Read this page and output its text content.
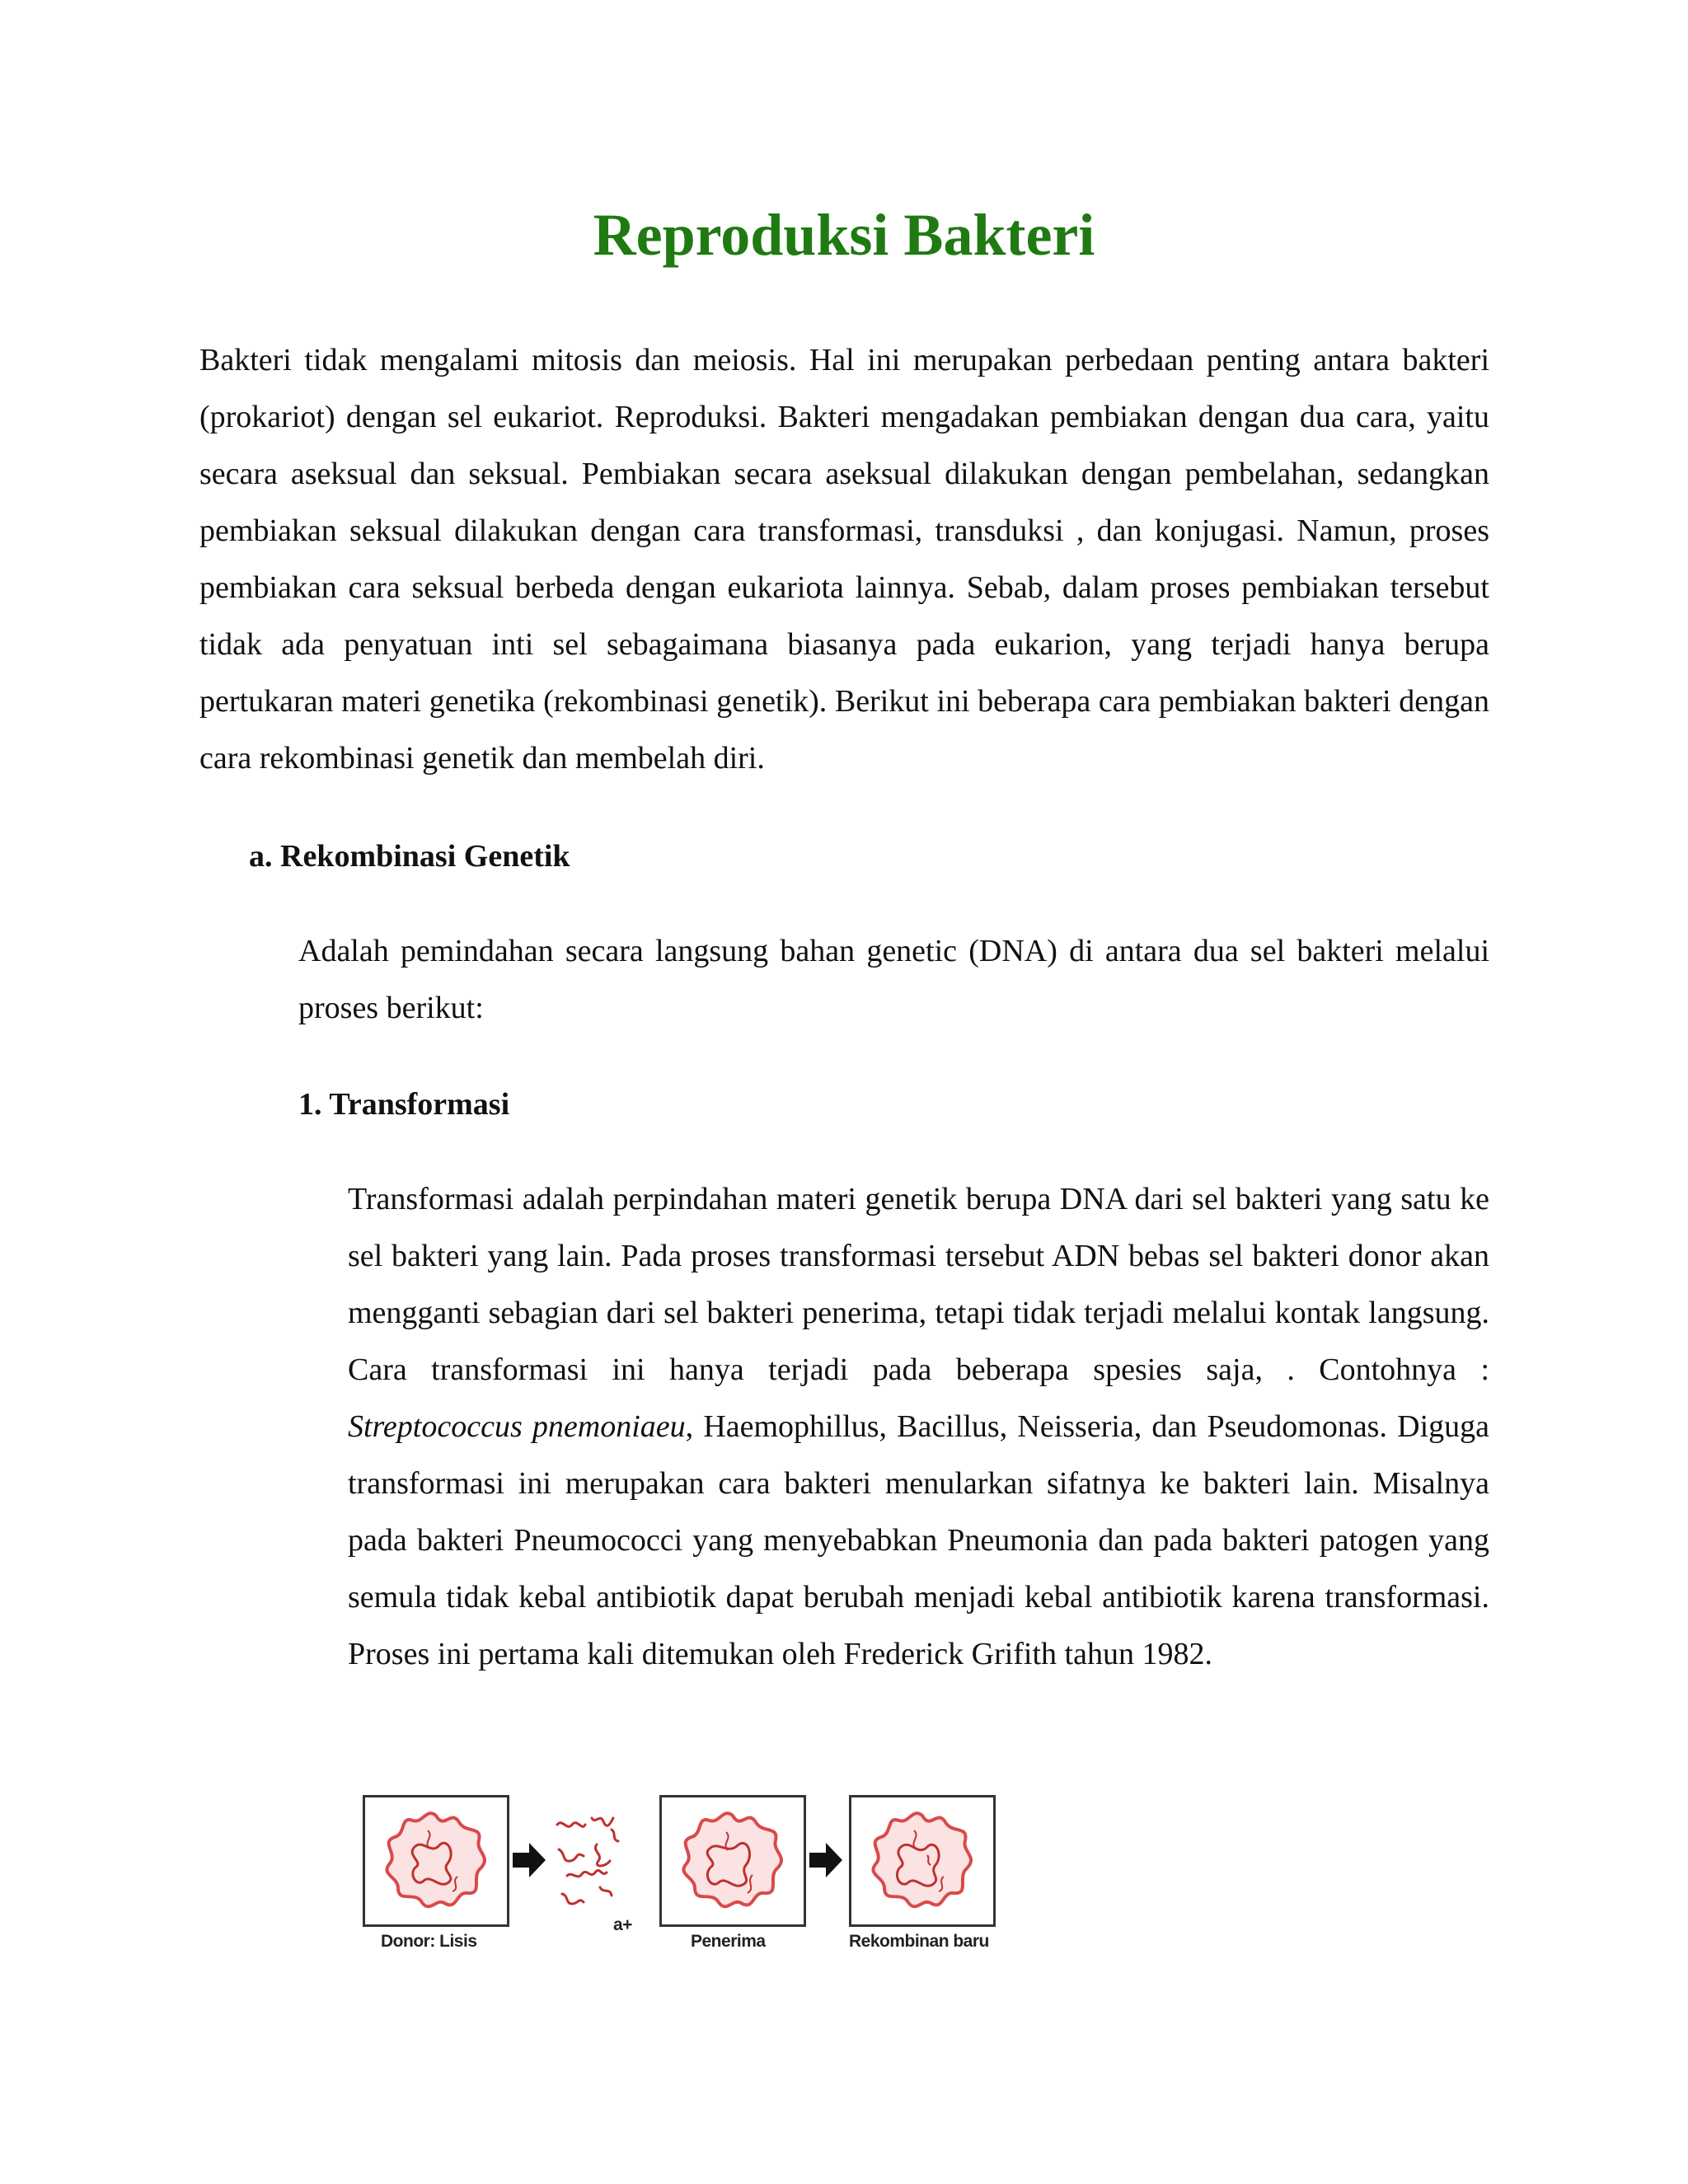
Reproduksi Bakteri

Bakteri tidak mengalami mitosis dan meiosis. Hal ini merupakan perbedaan penting antara bakteri (prokariot) dengan sel eukariot. Reproduksi. Bakteri mengadakan pembiakan dengan dua cara, yaitu secara aseksual dan seksual. Pembiakan secara aseksual dilakukan dengan pembelahan, sedangkan pembiakan seksual dilakukan dengan cara transformasi, transduksi , dan konjugasi. Namun, proses pembiakan cara seksual berbeda dengan eukariota lainnya. Sebab, dalam proses pembiakan tersebut tidak ada penyatuan inti sel sebagaimana biasanya pada eukarion, yang terjadi hanya berupa pertukaran materi genetika (rekombinasi genetik). Berikut ini beberapa cara pembiakan bakteri dengan cara rekombinasi genetik dan membelah diri.

a. Rekombinasi Genetik

Adalah pemindahan secara langsung bahan genetic (DNA) di antara dua sel bakteri melalui proses berikut:

1. Transformasi

Transformasi adalah perpindahan materi genetik berupa DNA dari sel bakteri yang satu ke sel bakteri yang lain. Pada proses transformasi tersebut ADN bebas sel bakteri donor akan mengganti sebagian dari sel bakteri penerima, tetapi tidak terjadi melalui kontak langsung. Cara transformasi ini hanya terjadi pada beberapa spesies saja, . Contohnya : Streptococcus pnemoniaeu, Haemophillus, Bacillus, Neisseria, dan Pseudomonas. Diguga transformasi ini merupakan cara bakteri menularkan sifatnya ke bakteri lain. Misalnya pada bakteri Pneumococci yang menyebabkan Pneumonia dan pada bakteri patogen yang semula tidak kebal antibiotik dapat berubah menjadi kebal antibiotik karena transformasi. Proses ini pertama kali ditemukan oleh Frederick Grifith tahun 1982.

a+
Donor: Lisis	Penerima	Rekombinan baru
